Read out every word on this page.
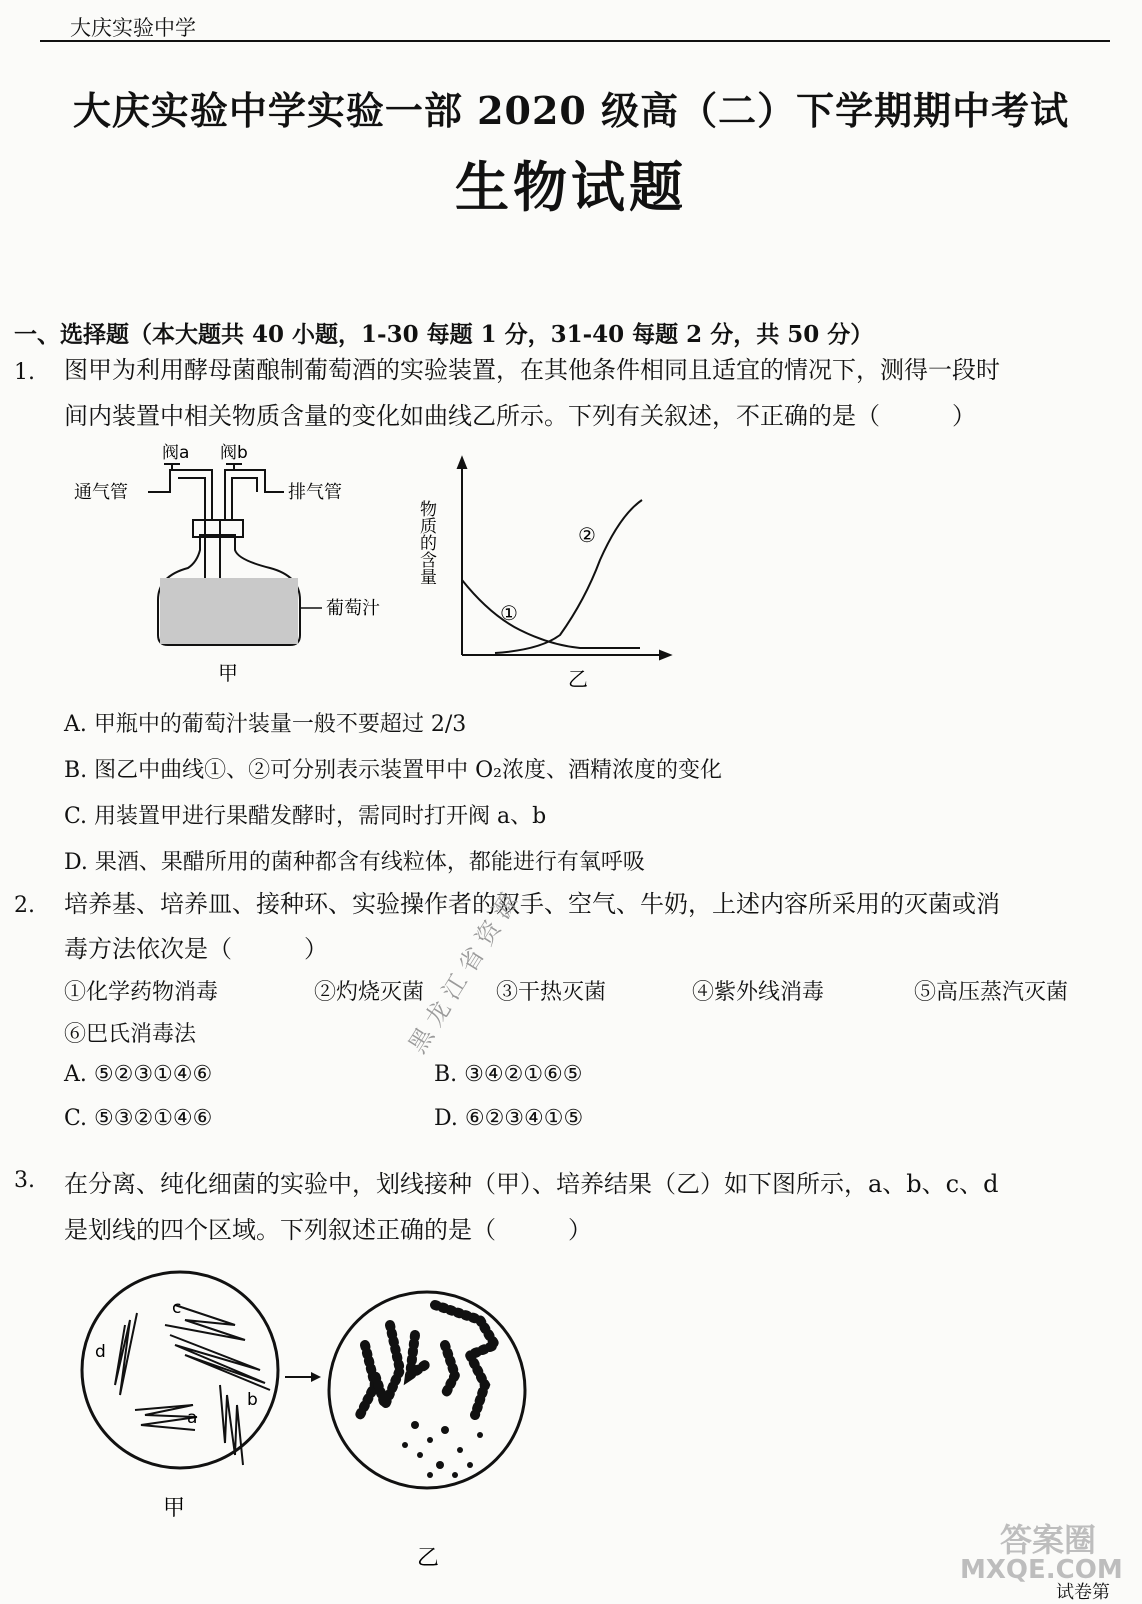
大庆实验中学
大庆实验中学实验一部 2020 级高（二）下学期期中考试
生物试题
一、选择题（本大题共 40 小题，1-30 每题 1 分，31-40 每题 2 分，共 50 分）
1. 图甲为利用酵母菌酿制葡萄酒的实验装置，在其他条件相同且适宜的情况下，测得一段时
间内装置中相关物质含量的变化如曲线乙所示。下列有关叙述，不正确的是（　　　）
阀a 阀b
通气管	排气管
葡萄汁
甲
物质的含量
①
②
乙
A. 甲瓶中的葡萄汁装量一般不要超过 2/3
B. 图乙中曲线①、②可分别表示装置甲中 O₂浓度、酒精浓度的变化
C. 用装置甲进行果醋发酵时，需同时打开阀 a、b
D. 果酒、果醋所用的菌种都含有线粒体，都能进行有氧呼吸
2. 培养基、培养皿、接种环、实验操作者的双手、空气、牛奶，上述内容所采用的灭菌或消
毒方法依次是（　　　）
①化学药物消毒	②灼烧灭菌	③干热灭菌	④紫外线消毒	⑤高压蒸汽灭菌
⑥巴氏消毒法
A. ⑤②③①④⑥	B. ③④②①⑥⑤
C. ⑤③②①④⑥	D. ⑥②③④①⑤
黑 龙 江 省 资 源
3. 在分离、纯化细菌的实验中，划线接种（甲）、培养结果（乙）如下图所示，a、b、c、d
是划线的四个区域。下列叙述正确的是（　　　）
c
d
b
a
甲
乙	答案圈
MXQE.COM
试卷第
